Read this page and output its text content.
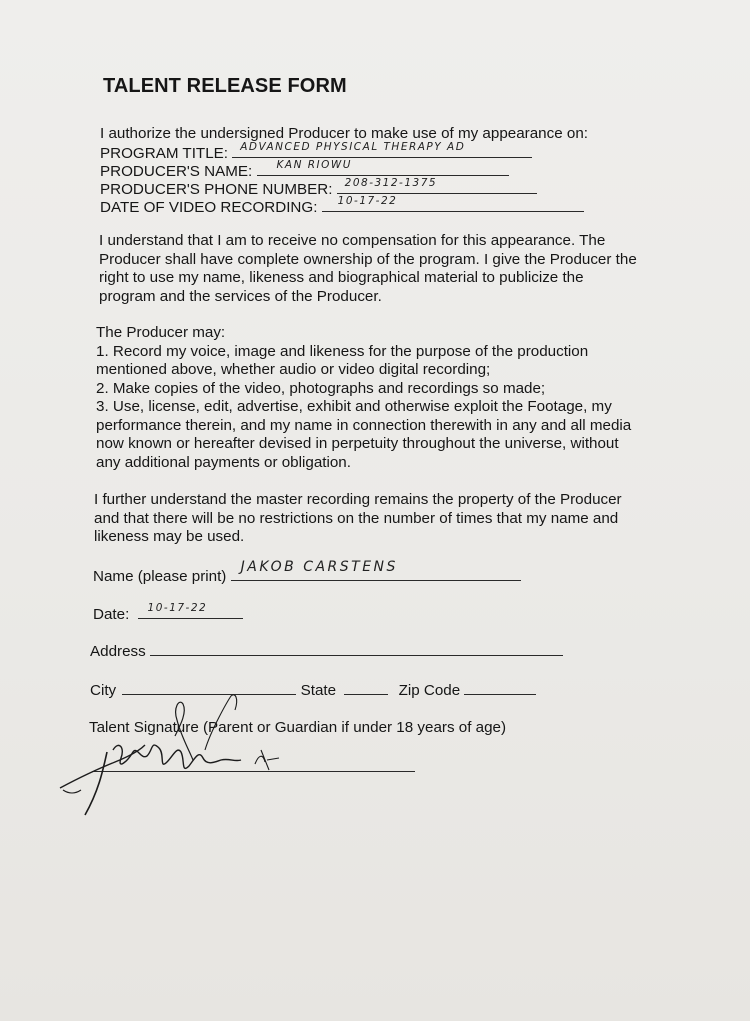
TALENT RELEASE FORM
I authorize the undersigned Producer to make use of my appearance on:
PROGRAM TITLE: ADVANCED PHYSICAL THERAPY AD
PRODUCER'S NAME: KAN RIOWU
PRODUCER'S PHONE NUMBER: 208-312-1375
DATE OF VIDEO RECORDING: 10-17-22
I understand that I am to receive no compensation for this appearance. The
Producer shall have complete ownership of the program. I give the Producer the
right to use my name, likeness and biographical material to publicize the
program and the services of the Producer.
The Producer may:
1. Record my voice, image and likeness for the purpose of the production
mentioned above, whether audio or video digital recording;
2. Make copies of the video, photographs and recordings so made;
3. Use, license, edit, advertise, exhibit and otherwise exploit the Footage, my
performance therein, and my name in connection therewith in any and all media
now known or hereafter devised in perpetuity throughout the universe, without
any additional payments or obligation.
I further understand the master recording remains the property of the Producer
and that there will be no restrictions on the number of times that my name and
likeness may be used.
Name (please print)
JAKOB CARSTENS
Date: 10-17-22
Address
City	State	Zip Code
Talent Signature (Parent or Guardian if under 18 years of age)
